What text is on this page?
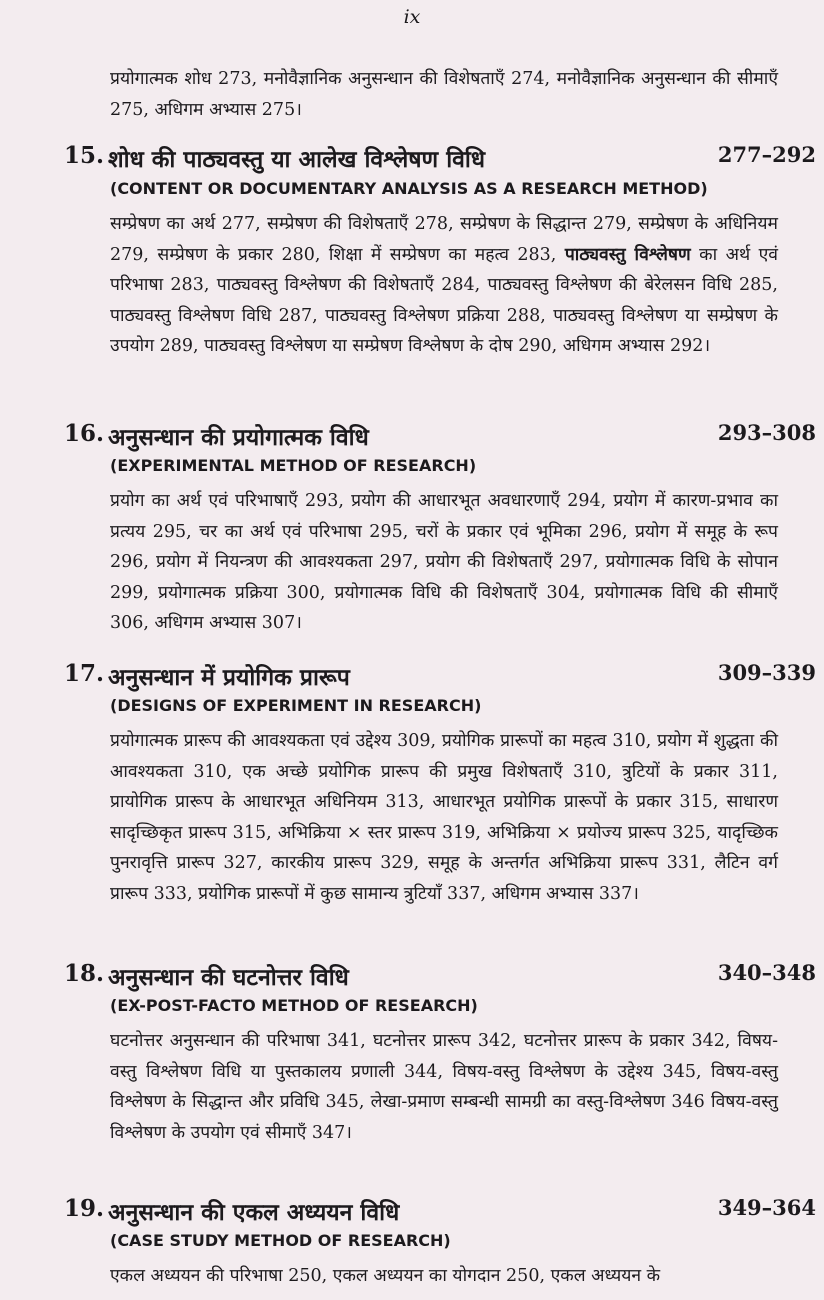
ix
प्रयोगात्मक शोध 273, मनोवैज्ञानिक अनुसन्धान की विशेषताएँ 274, मनोवैज्ञानिक अनुसन्धान की सीमाएँ 275, अधिगम अभ्यास 275।
15. शोध की पाठ्यवस्तु या आलेख विश्लेषण विधि	277–292
(CONTENT OR DOCUMENTARY ANALYSIS AS A RESEARCH METHOD)
सम्प्रेषण का अर्थ 277, सम्प्रेषण की विशेषताएँ 278, सम्प्रेषण के सिद्धान्त 279, सम्प्रेषण के अधिनियम 279, सम्प्रेषण के प्रकार 280, शिक्षा में सम्प्रेषण का महत्व 283, पाठ्यवस्तु विश्लेषण का अर्थ एवं परिभाषा 283, पाठ्यवस्तु विश्लेषण की विशेषताएँ 284, पाठ्यवस्तु विश्लेषण की बेरेलसन विधि 285, पाठ्यवस्तु विश्लेषण विधि 287, पाठ्यवस्तु विश्लेषण प्रक्रिया 288, पाठ्यवस्तु विश्लेषण या सम्प्रेषण के उपयोग 289, पाठ्यवस्तु विश्लेषण या सम्प्रेषण विश्लेषण के दोष 290, अधिगम अभ्यास 292।
16. अनुसन्धान की प्रयोगात्मक विधि	293–308
(EXPERIMENTAL METHOD OF RESEARCH)
प्रयोग का अर्थ एवं परिभाषाएँ 293, प्रयोग की आधारभूत अवधारणाएँ 294, प्रयोग में कारण-प्रभाव का प्रत्यय 295, चर का अर्थ एवं परिभाषा 295, चरों के प्रकार एवं भूमिका 296, प्रयोग में समूह के रूप 296, प्रयोग में नियन्त्रण की आवश्यकता 297, प्रयोग की विशेषताएँ 297, प्रयोगात्मक विधि के सोपान 299, प्रयोगात्मक प्रक्रिया 300, प्रयोगात्मक विधि की विशेषताएँ 304, प्रयोगात्मक विधि की सीमाएँ 306, अधिगम अभ्यास 307।
17. अनुसन्धान में प्रयोगिक प्रारूप	309–339
(DESIGNS OF EXPERIMENT IN RESEARCH)
प्रयोगात्मक प्रारूप की आवश्यकता एवं उद्देश्य 309, प्रयोगिक प्रारूपों का महत्व 310, प्रयोग में शुद्धता की आवश्यकता 310, एक अच्छे प्रयोगिक प्रारूप की प्रमुख विशेषताएँ 310, त्रुटियों के प्रकार 311, प्रायोगिक प्रारूप के आधारभूत अधिनियम 313, आधारभूत प्रयोगिक प्रारूपों के प्रकार 315, साधारण सादृच्छिकृत प्रारूप 315, अभिक्रिया × स्तर प्रारूप 319, अभिक्रिया × प्रयोज्य प्रारूप 325, यादृच्छिक पुनरावृत्ति प्रारूप 327, कारकीय प्रारूप 329, समूह के अन्तर्गत अभिक्रिया प्रारूप 331, लैटिन वर्ग प्रारूप 333, प्रयोगिक प्रारूपों में कुछ सामान्य त्रुटियाँ 337, अधिगम अभ्यास 337।
18. अनुसन्धान की घटनोत्तर विधि	340–348
(EX-POST-FACTO METHOD OF RESEARCH)
घटनोत्तर अनुसन्धान की परिभाषा 341, घटनोत्तर प्रारूप 342, घटनोत्तर प्रारूप के प्रकार 342, विषय-वस्तु विश्लेषण विधि या पुस्तकालय प्रणाली 344, विषय-वस्तु विश्लेषण के उद्देश्य 345, विषय-वस्तु विश्लेषण के सिद्धान्त और प्रविधि 345, लेखा-प्रमाण सम्बन्धी सामग्री का वस्तु-विश्लेषण 346 विषय-वस्तु विश्लेषण के उपयोग एवं सीमाएँ 347।
19. अनुसन्धान की एकल अध्ययन विधि	349–364
(CASE STUDY METHOD OF RESEARCH)
एकल अध्ययन की परिभाषा 250, एकल अध्ययन का योगदान 250, एकल अध्ययन के
